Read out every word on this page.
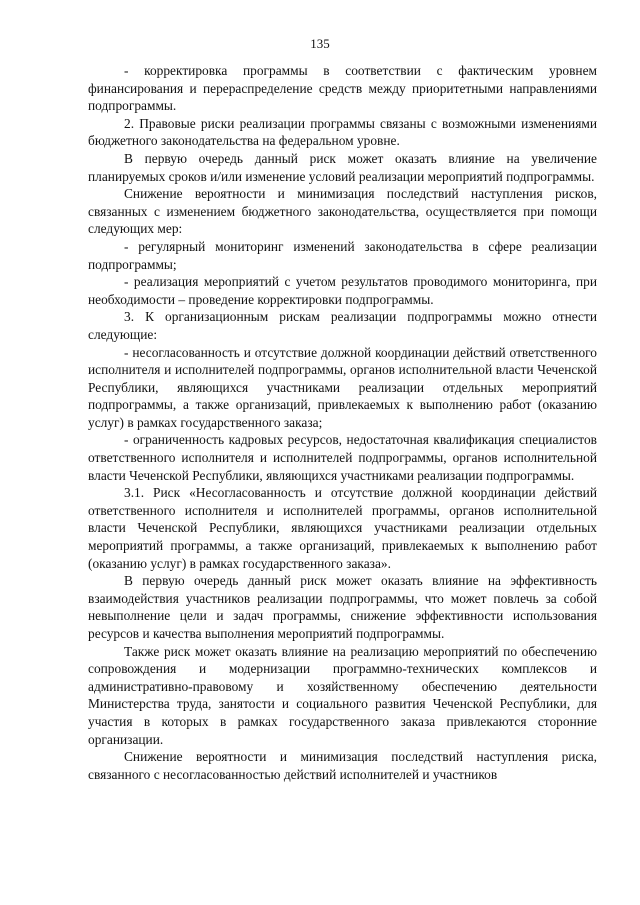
135

- корректировка программы в соответствии с фактическим уровнем финансирования и перераспределение средств между приоритетными направлениями подпрограммы.

2. Правовые риски реализации программы связаны с возможными изменениями бюджетного законодательства на федеральном уровне.

В первую очередь данный риск может оказать влияние на увеличение планируемых сроков и/или изменение условий реализации мероприятий подпрограммы.

Снижение вероятности и минимизация последствий наступления рисков, связанных с изменением бюджетного законодательства, осуществляется при помощи следующих мер:

- регулярный мониторинг изменений законодательства в сфере реализации подпрограммы;

- реализация мероприятий с учетом результатов проводимого мониторинга, при необходимости – проведение корректировки подпрограммы.

3. К организационным рискам реализации подпрограммы можно отнести следующие:

- несогласованность и отсутствие должной координации действий ответственного исполнителя и исполнителей подпрограммы, органов исполнительной власти Чеченской Республики, являющихся участниками реализации отдельных мероприятий подпрограммы, а также организаций, привлекаемых к выполнению работ (оказанию услуг) в рамках государственного заказа;

- ограниченность кадровых ресурсов, недостаточная квалификация специалистов ответственного исполнителя и исполнителей подпрограммы, органов исполнительной власти Чеченской Республики, являющихся участниками реализации подпрограммы.

3.1. Риск «Несогласованность и отсутствие должной координации действий ответственного исполнителя и исполнителей программы, органов исполнительной власти Чеченской Республики, являющихся участниками реализации отдельных мероприятий программы, а также организаций, привлекаемых к выполнению работ (оказанию услуг) в рамках государственного заказа».

В первую очередь данный риск может оказать влияние на эффективность взаимодействия участников реализации подпрограммы, что может повлечь за собой невыполнение цели и задач программы, снижение эффективности использования ресурсов и качества выполнения мероприятий подпрограммы.

Также риск может оказать влияние на реализацию мероприятий по обеспечению сопровождения и модернизации программно-технических комплексов и административно-правовому и хозяйственному обеспечению деятельности Министерства труда, занятости и социального развития Чеченской Республики, для участия в которых в рамках государственного заказа привлекаются сторонние организации.

Снижение вероятности и минимизация последствий наступления риска, связанного с несогласованностью действий исполнителей и участников
